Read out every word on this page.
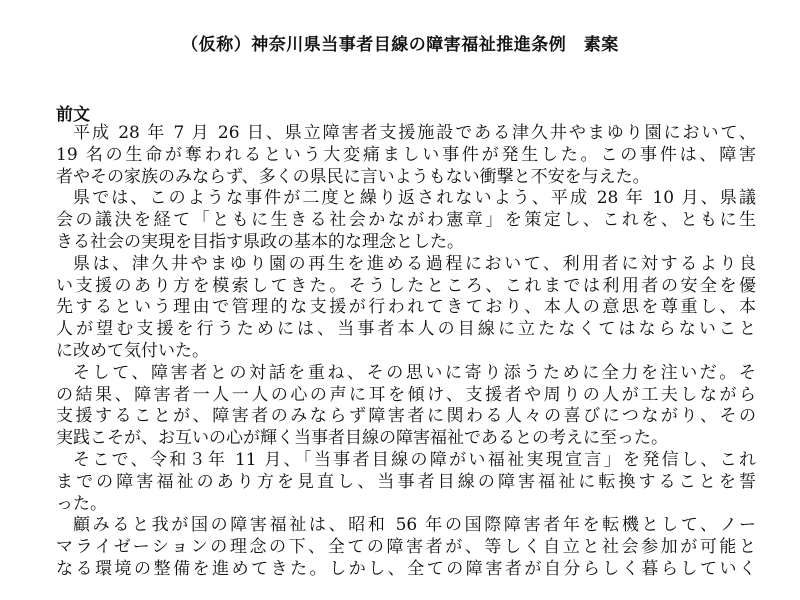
（仮称）神奈川県当事者目線の障害福祉推進条例　素案
前文
平成 28 年 7 月 26 日、県立障害者支援施設である津久井やまゆり園において、
19 名の生命が奪われるという大変痛ましい事件が発生した。この事件は、障害
者やその家族のみならず、多くの県民に言いようもない衝撃と不安を与えた。
県では、このような事件が二度と繰り返されないよう、平成 28 年 10 月、県議
会の議決を経て「ともに生きる社会かながわ憲章」を策定し、これを、ともに生
きる社会の実現を目指す県政の基本的な理念とした。
県は、津久井やまゆり園の再生を進める過程において、利用者に対するより良
い支援のあり方を模索してきた。そうしたところ、これまでは利用者の安全を優
先するという理由で管理的な支援が行われてきており、本人の意思を尊重し、本
人が望む支援を行うためには、当事者本人の目線に立たなくてはならないこと
に改めて気付いた。
そして、障害者との対話を重ね、その思いに寄り添うために全力を注いだ。そ
の結果、障害者一人一人の心の声に耳を傾け、支援者や周りの人が工夫しながら
支援することが、障害者のみならず障害者に関わる人々の喜びにつながり、その
実践こそが、お互いの心が輝く当事者目線の障害福祉であるとの考えに至った。
そこで、令和３年 11 月、「当事者目線の障がい福祉実現宣言」を発信し、これ
までの障害福祉のあり方を見直し、当事者目線の障害福祉に転換することを誓
った。
顧みると我が国の障害福祉は、昭和 56 年の国際障害者年を転機として、ノー
マライゼーションの理念の下、全ての障害者が、等しく自立と社会参加が可能と
なる環境の整備を進めてきた。しかし、全ての障害者が自分らしく暮らしていく
